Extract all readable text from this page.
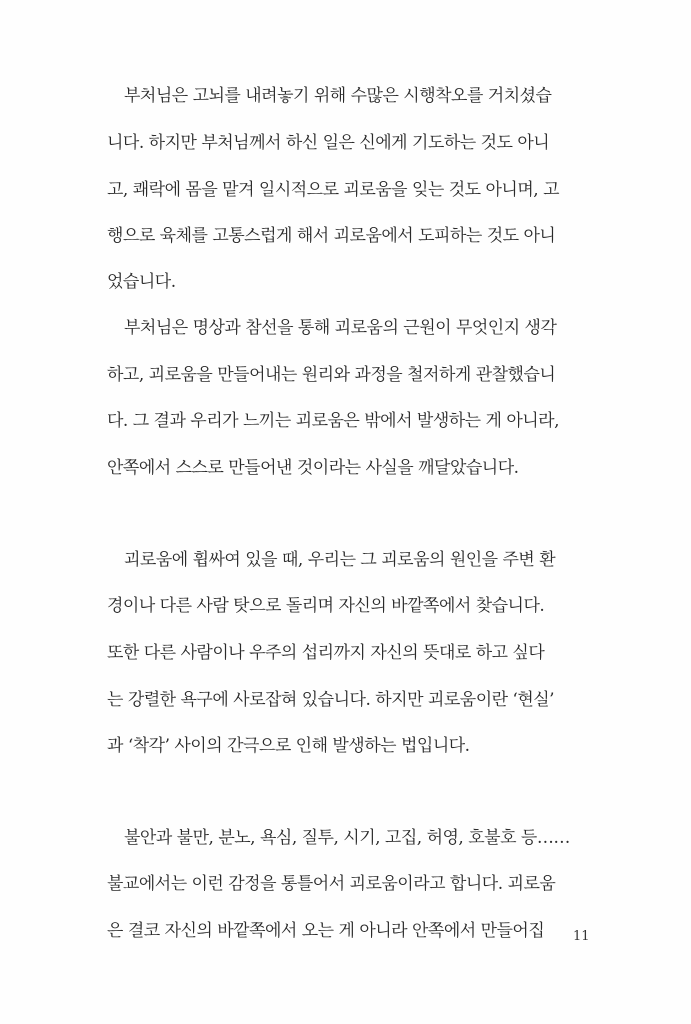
부처님은 고뇌를 내려놓기 위해 수많은 시행착오를 거치셨습
니다. 하지만 부처님께서 하신 일은 신에게 기도하는 것도 아니
고, 쾌락에 몸을 맡겨 일시적으로 괴로움을 잊는 것도 아니며, 고
행으로 육체를 고통스럽게 해서 괴로움에서 도피하는 것도 아니
었습니다.
부처님은 명상과 참선을 통해 괴로움의 근원이 무엇인지 생각
하고, 괴로움을 만들어내는 원리와 과정을 철저하게 관찰했습니
다. 그 결과 우리가 느끼는 괴로움은 밖에서 발생하는 게 아니라,
안쪽에서 스스로 만들어낸 것이라는 사실을 깨달았습니다.
괴로움에 휩싸여 있을 때, 우리는 그 괴로움의 원인을 주변 환
경이나 다른 사람 탓으로 돌리며 자신의 바깥쪽에서 찾습니다.
또한 다른 사람이나 우주의 섭리까지 자신의 뜻대로 하고 싶다
는 강렬한 욕구에 사로잡혀 있습니다. 하지만 괴로움이란 ‘현실’
과 ‘착각’ 사이의 간극으로 인해 발생하는 법입니다.
불안과 불만, 분노, 욕심, 질투, 시기, 고집, 허영, 호불호 등……
불교에서는 이런 감정을 통틀어서 괴로움이라고 합니다. 괴로움
은 결코 자신의 바깥쪽에서 오는 게 아니라 안쪽에서 만들어집 11
